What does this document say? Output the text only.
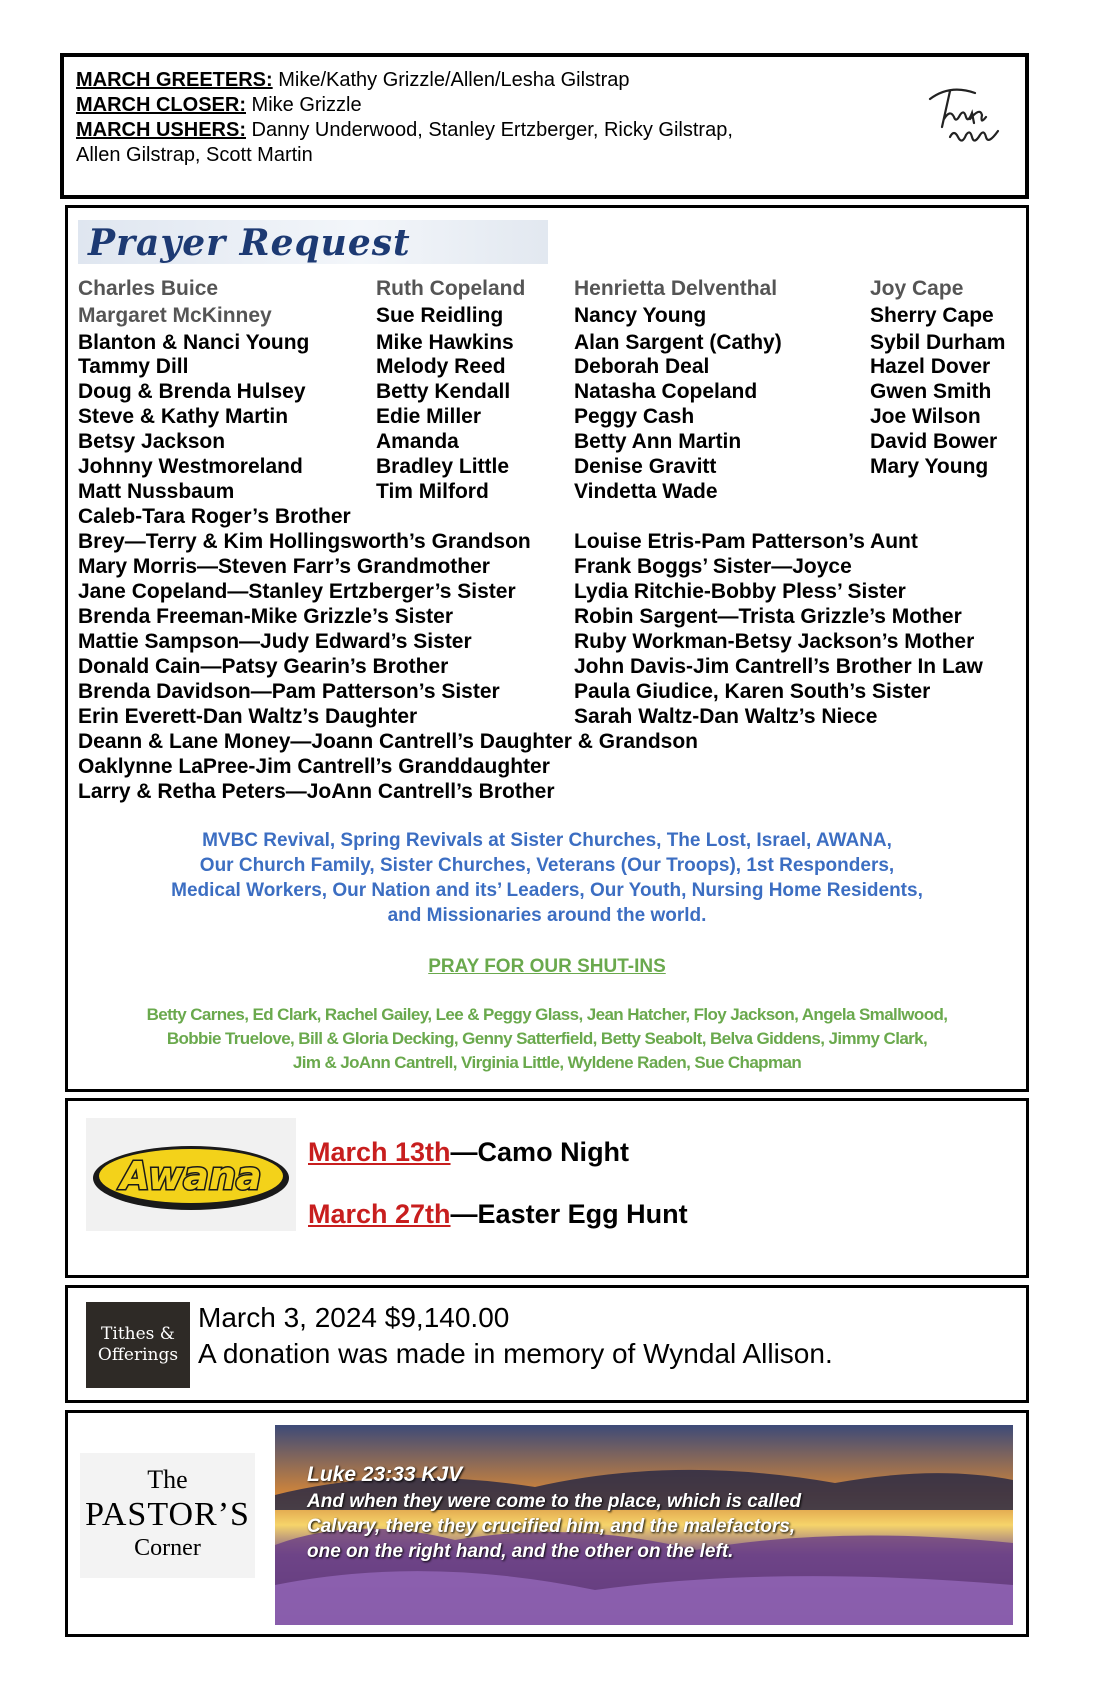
MARCH GREETERS: Mike/Kathy Grizzle/Allen/Lesha Gilstrap
MARCH CLOSER: Mike Grizzle
MARCH USHERS: Danny Underwood, Stanley Ertzberger, Ricky Gilstrap,
Allen Gilstrap, Scott Martin
Prayer Request
Charles Buice
Margaret McKinney
Blanton & Nanci Young
Tammy Dill
Doug & Brenda Hulsey
Steve & Kathy Martin
Betsy Jackson
Johnny Westmoreland
Matt Nussbaum
Caleb-Tara Roger’s Brother
Ruth Copeland
Sue Reidling
Mike Hawkins
Melody Reed
Betty Kendall
Edie Miller
Amanda
Bradley Little
Tim Milford
Henrietta Delventhal
Nancy Young
Alan Sargent (Cathy)
Deborah Deal
Natasha Copeland
Peggy Cash
Betty Ann Martin
Denise Gravitt
Vindetta Wade
Joy Cape
Sherry Cape
Sybil Durham
Hazel Dover
Gwen Smith
Joe Wilson
David Bower
Mary Young
Brey—Terry & Kim Hollingsworth’s Grandson
Mary Morris—Steven Farr’s Grandmother
Jane Copeland—Stanley Ertzberger’s Sister
Brenda Freeman-Mike Grizzle’s Sister
Mattie Sampson—Judy Edward’s Sister
Donald Cain—Patsy Gearin’s Brother
Brenda Davidson—Pam Patterson’s Sister
Erin Everett-Dan Waltz’s Daughter
Deann & Lane Money—Joann Cantrell’s Daughter & Grandson
Oaklynne LaPree-Jim Cantrell’s Granddaughter
Larry & Retha Peters—JoAnn Cantrell’s Brother
Louise Etris-Pam Patterson’s Aunt
Frank Boggs’ Sister—Joyce
Lydia Ritchie-Bobby Pless’ Sister
Robin Sargent—Trista Grizzle’s Mother
Ruby Workman-Betsy Jackson’s Mother
John Davis-Jim Cantrell’s Brother In Law
Paula Giudice, Karen South’s Sister
Sarah Waltz-Dan Waltz’s Niece
MVBC Revival, Spring Revivals at Sister Churches, The Lost, Israel, AWANA,
Our Church Family, Sister Churches, Veterans (Our Troops), 1st Responders,
Medical Workers, Our Nation and its’ Leaders, Our Youth, Nursing Home Residents,
and Missionaries around the world.
PRAY FOR OUR SHUT-INS
Betty Carnes, Ed Clark, Rachel Gailey, Lee & Peggy Glass, Jean Hatcher, Floy Jackson, Angela Smallwood,
Bobbie Truelove, Bill & Gloria Decking, Genny Satterfield, Betty Seabolt, Belva Giddens, Jimmy Clark,
Jim & JoAnn Cantrell, Virginia Little, Wyldene Raden, Sue Chapman
Awana
March 13th—Camo Night
March 27th—Easter Egg Hunt
Tithes &
Offerings
March 3, 2024 $9,140.00
A donation was made in memory of Wyndal Allison.
The
PASTOR’S
Corner
Luke 23:33 KJV
And when they were come to the place, which is called
Calvary, there they crucified him, and the malefactors,
one on the right hand, and the other on the left.
